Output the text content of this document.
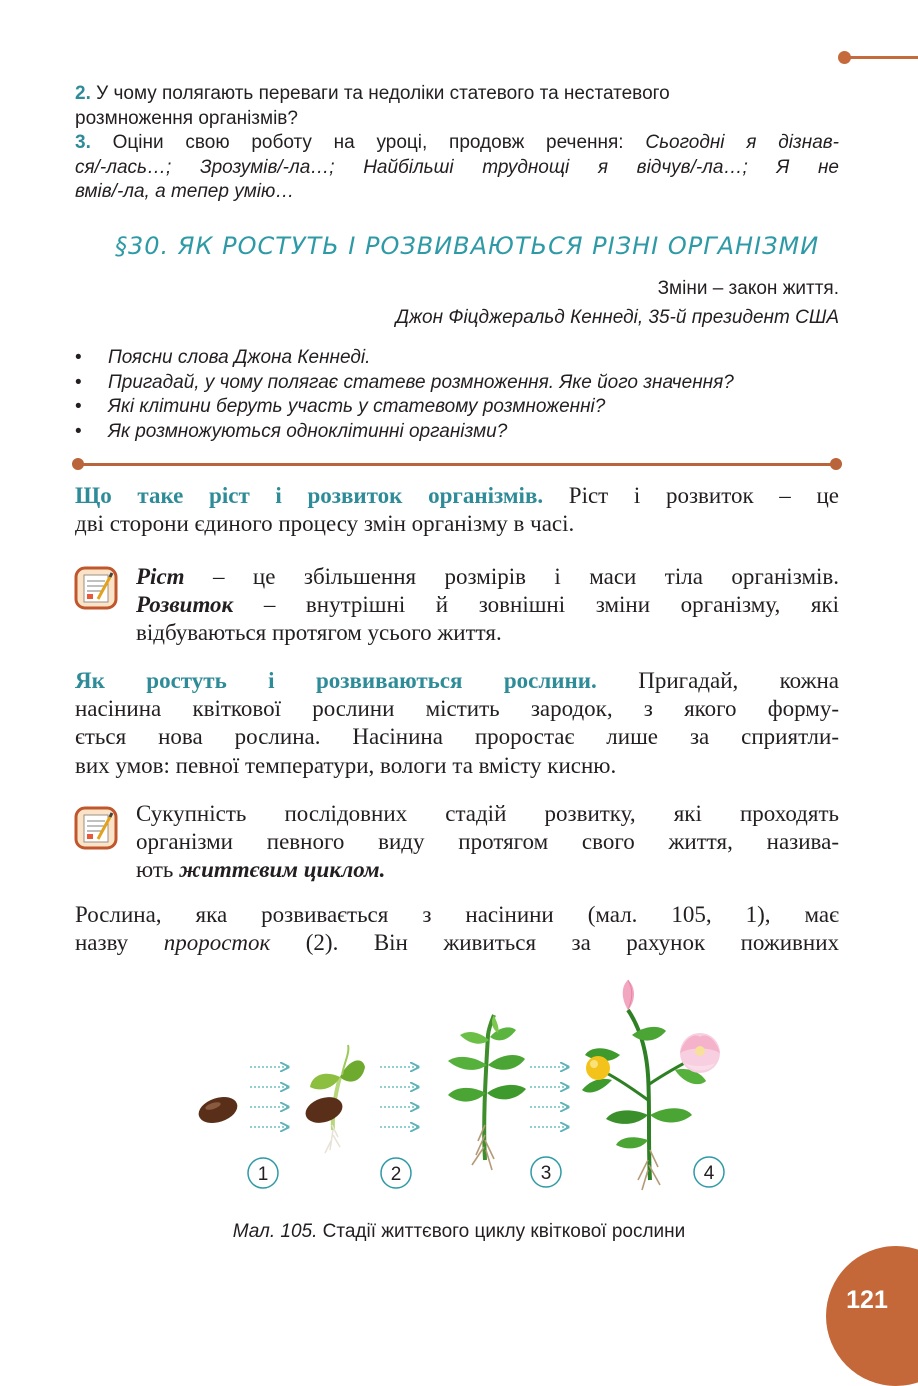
2. У чому полягають переваги та недоліки статевого та нестатевого
розмноження організмів?
3. Оціни свою роботу на уроці, продовж речення: Сьогодні я дізнав-
ся/-лась…; Зрозумів/-ла…; Найбільші труднощі я відчув/-ла…; Я не
вмів/-ла, а тепер умію…
§30. ЯК РОСТУТЬ І РОЗВИВАЮТЬСЯ РІЗНІ ОРГАНІЗМИ
Зміни – закон життя.
Джон Фіцджеральд Кеннеді, 35-й президент США
• Поясни слова Джона Кеннеді.
• Пригадай, у чому полягає статеве розмноження. Яке його значення?
• Які клітини беруть участь у статевому розмноженні?
• Як розмножуються одноклітинні організми?
Що таке ріст і розвиток організмів. Ріст і розвиток – це
дві сторони єдиного процесу змін організму в часі.
Ріст – це збільшення розмірів і маси тіла організмів.
Розвиток – внутрішні й зовнішні зміни організму, які
відбуваються протягом усього життя.
Як ростуть і розвиваються рослини. Пригадай, кожна
насінина квіткової рослини містить зародок, з якого форму-
ється нова рослина. Насінина проростає лише за сприятли-
вих умов: певної температури, вологи та вмісту кисню.
Сукупність послідовних стадій розвитку, які проходять
організми певного виду протягом свого життя, назива-
ють життєвим циклом.
Рослина, яка розвивається з насінини (мал. 105, 1), має
назву проросток (2). Він живиться за рахунок поживних
1	2	3	4
Мал. 105. Стадії життєвого циклу квіткової рослини
121
